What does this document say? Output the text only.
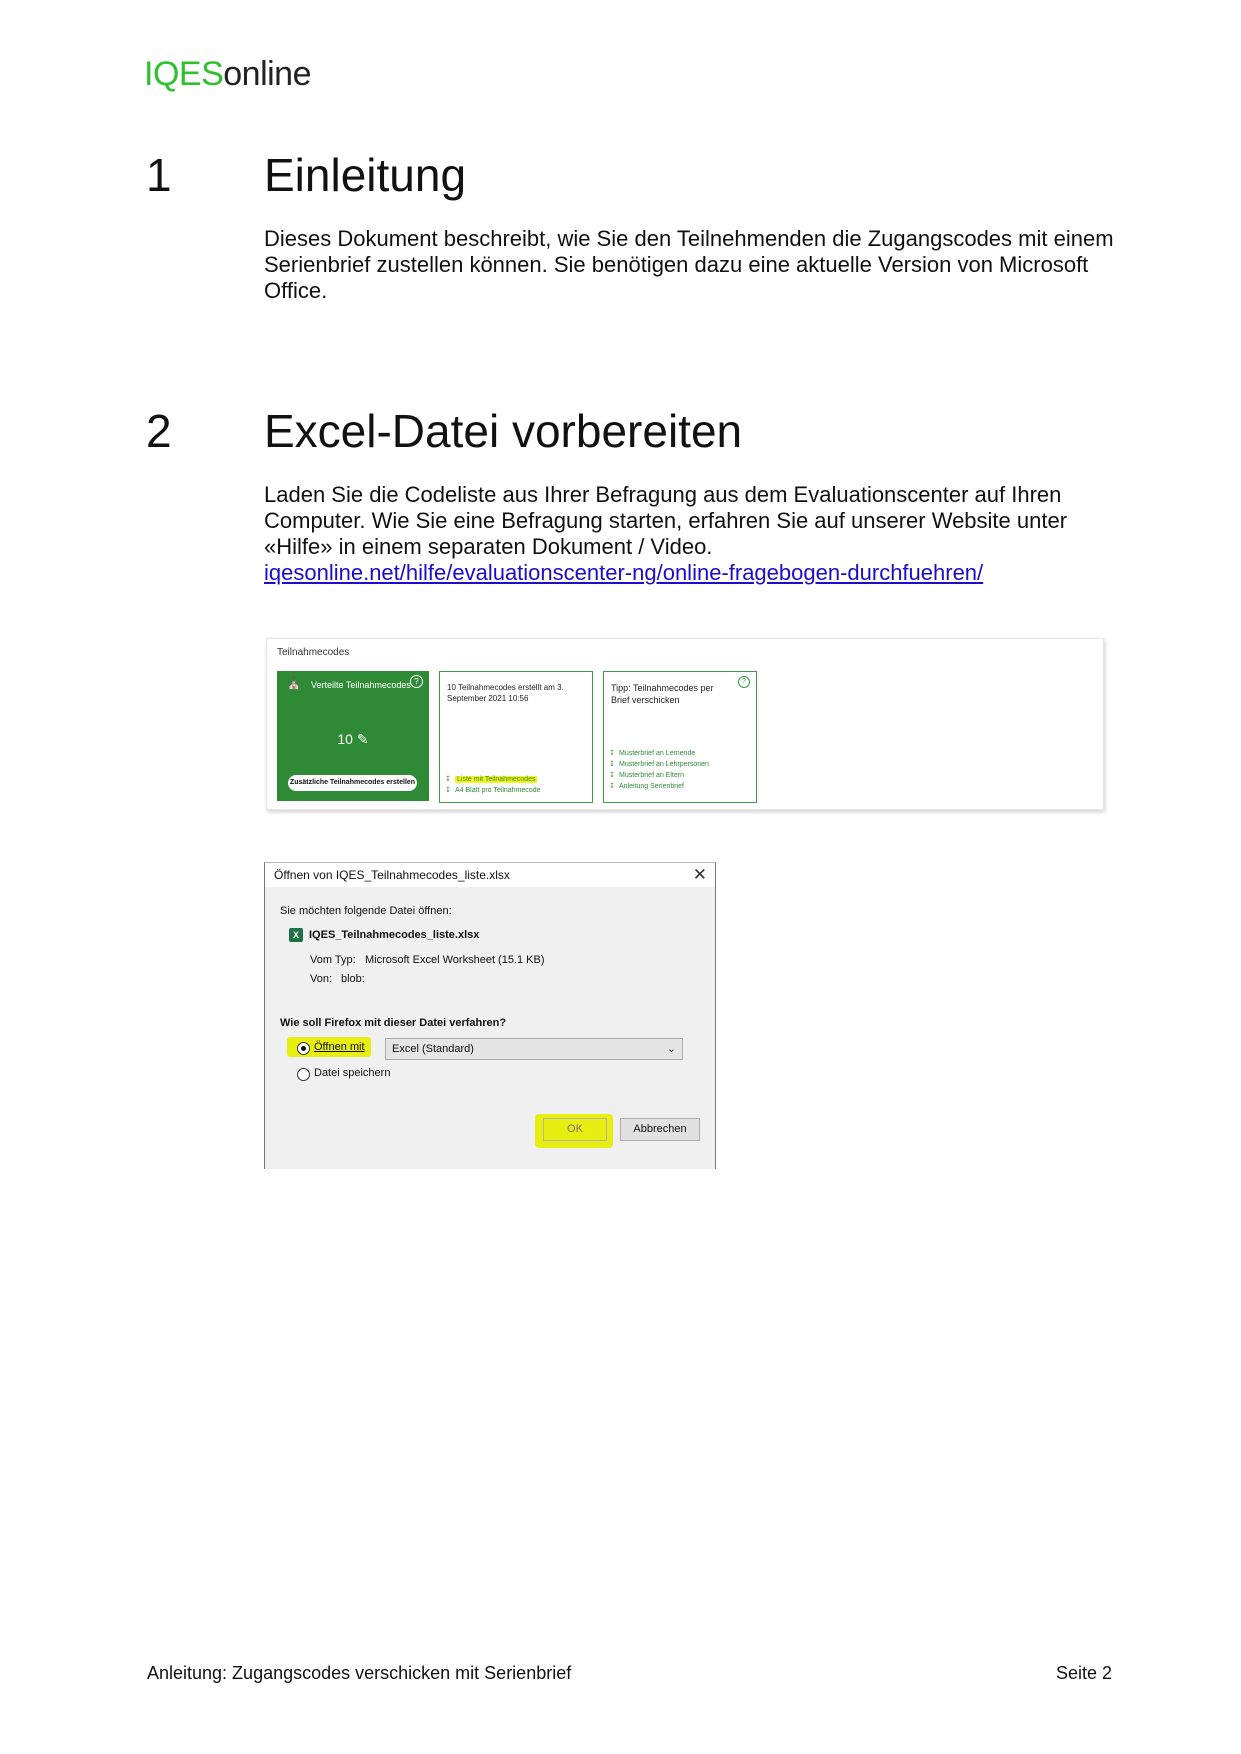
IQESonline
1 Einleitung
Dieses Dokument beschreibt, wie Sie den Teilnehmenden die Zugangscodes mit einem Serienbrief zustellen können. Sie benötigen dazu eine aktuelle Version von Microsoft Office.
2 Excel-Datei vorbereiten
Laden Sie die Codeliste aus Ihrer Befragung aus dem Evaluationscenter auf Ihren Computer. Wie Sie eine Befragung starten, erfahren Sie auf unserer Website unter «Hilfe» in einem separaten Dokument / Video.
iqesonline.net/hilfe/evaluationscenter-ng/online-fragebogen-durchfuehren/
Teilnahmecodes
⛪ Verteilte Teilnahmecodes ?
10 ✎
Zusätzliche Teilnahmecodes erstellen
10 Teilnahmecodes erstellt am 3. September 2021 10:56
↧ Liste mit Teilnahmecodes
↧ A4 Blatt pro Teilnahmecode
Tipp: Teilnahmecodes per Brief verschicken
?
↧ Musterbrief an Lernende
↧ Musterbrief an Lehrpersonen
↧ Musterbrief an Eltern
↧ Anleitung Serienbrief
Öffnen von IQES_Teilnahmecodes_liste.xlsx	✕
Sie möchten folgende Datei öffnen:
X IQES_Teilnahmecodes_liste.xlsx
Vom Typ: Microsoft Excel Worksheet (15.1 KB)
Von: blob:
Wie soll Firefox mit dieser Datei verfahren?
Öffnen mit Excel (Standard)	⌄
Datei speichern
OK	Abbrechen
Anleitung: Zugangscodes verschicken mit Serienbrief	Seite 2
